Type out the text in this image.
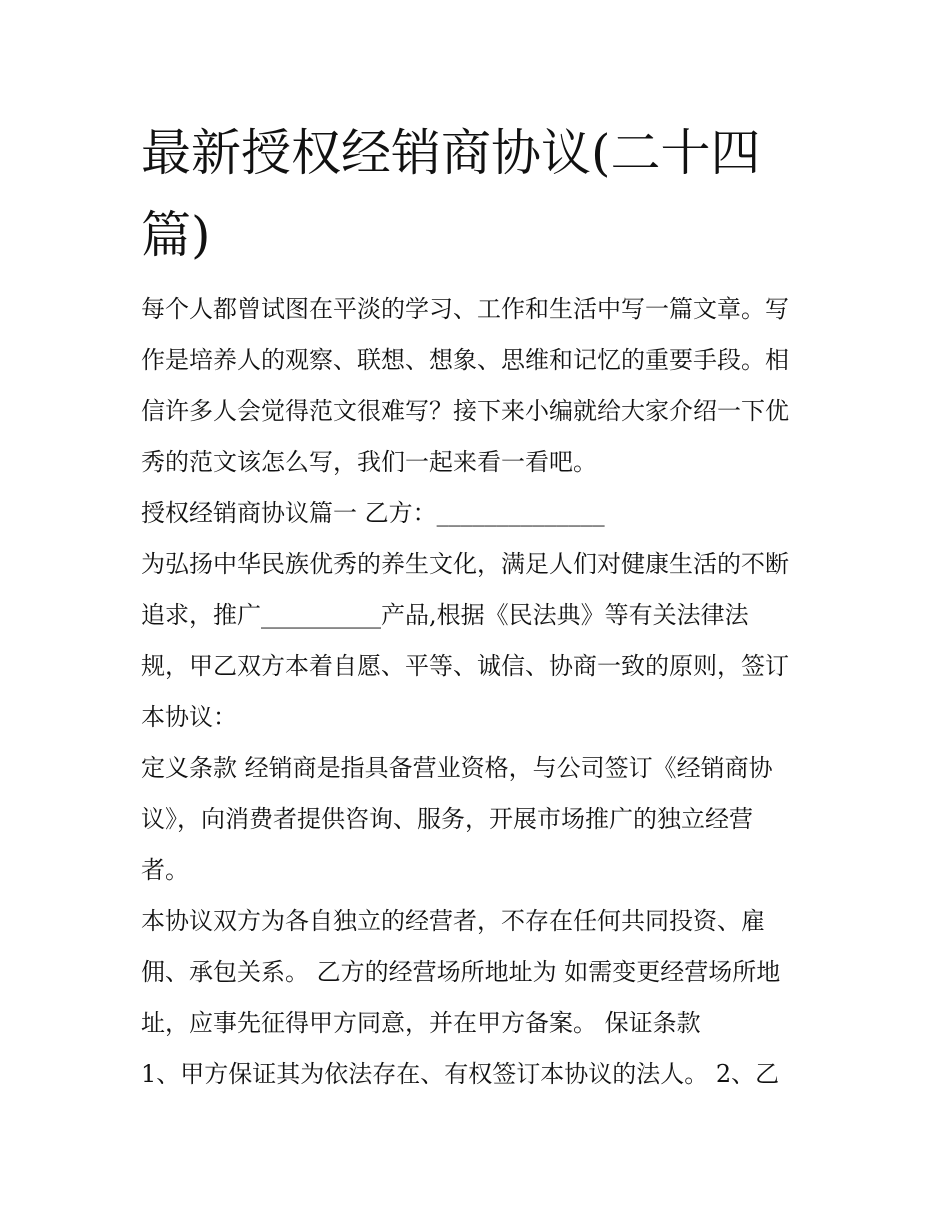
最新授权经销商协议(二十四
篇)
每个人都曾试图在平淡的学习、工作和生活中写一篇文章。写
作是培养人的观察、联想、想象、思维和记忆的重要手段。相
信许多人会觉得范文很难写？接下来小编就给大家介绍一下优
秀的范文该怎么写，我们一起来看一看吧。
授权经销商协议篇一 乙方：______________
为弘扬中华民族优秀的养生文化，满足人们对健康生活的不断
追求，推广__________产品,根据《民法典》等有关法律法
规，甲乙双方本着自愿、平等、诚信、协商一致的原则，签订
本协议：
定义条款 经销商是指具备营业资格，与公司签订《经销商协
议》，向消费者提供咨询、服务，开展市场推广的独立经营
者。
本协议双方为各自独立的经营者，不存在任何共同投资、雇
佣、承包关系。 乙方的经营场所地址为 如需变更经营场所地
址，应事先征得甲方同意，并在甲方备案。 保证条款
1、甲方保证其为依法存在、有权签订本协议的法人。 2、乙
